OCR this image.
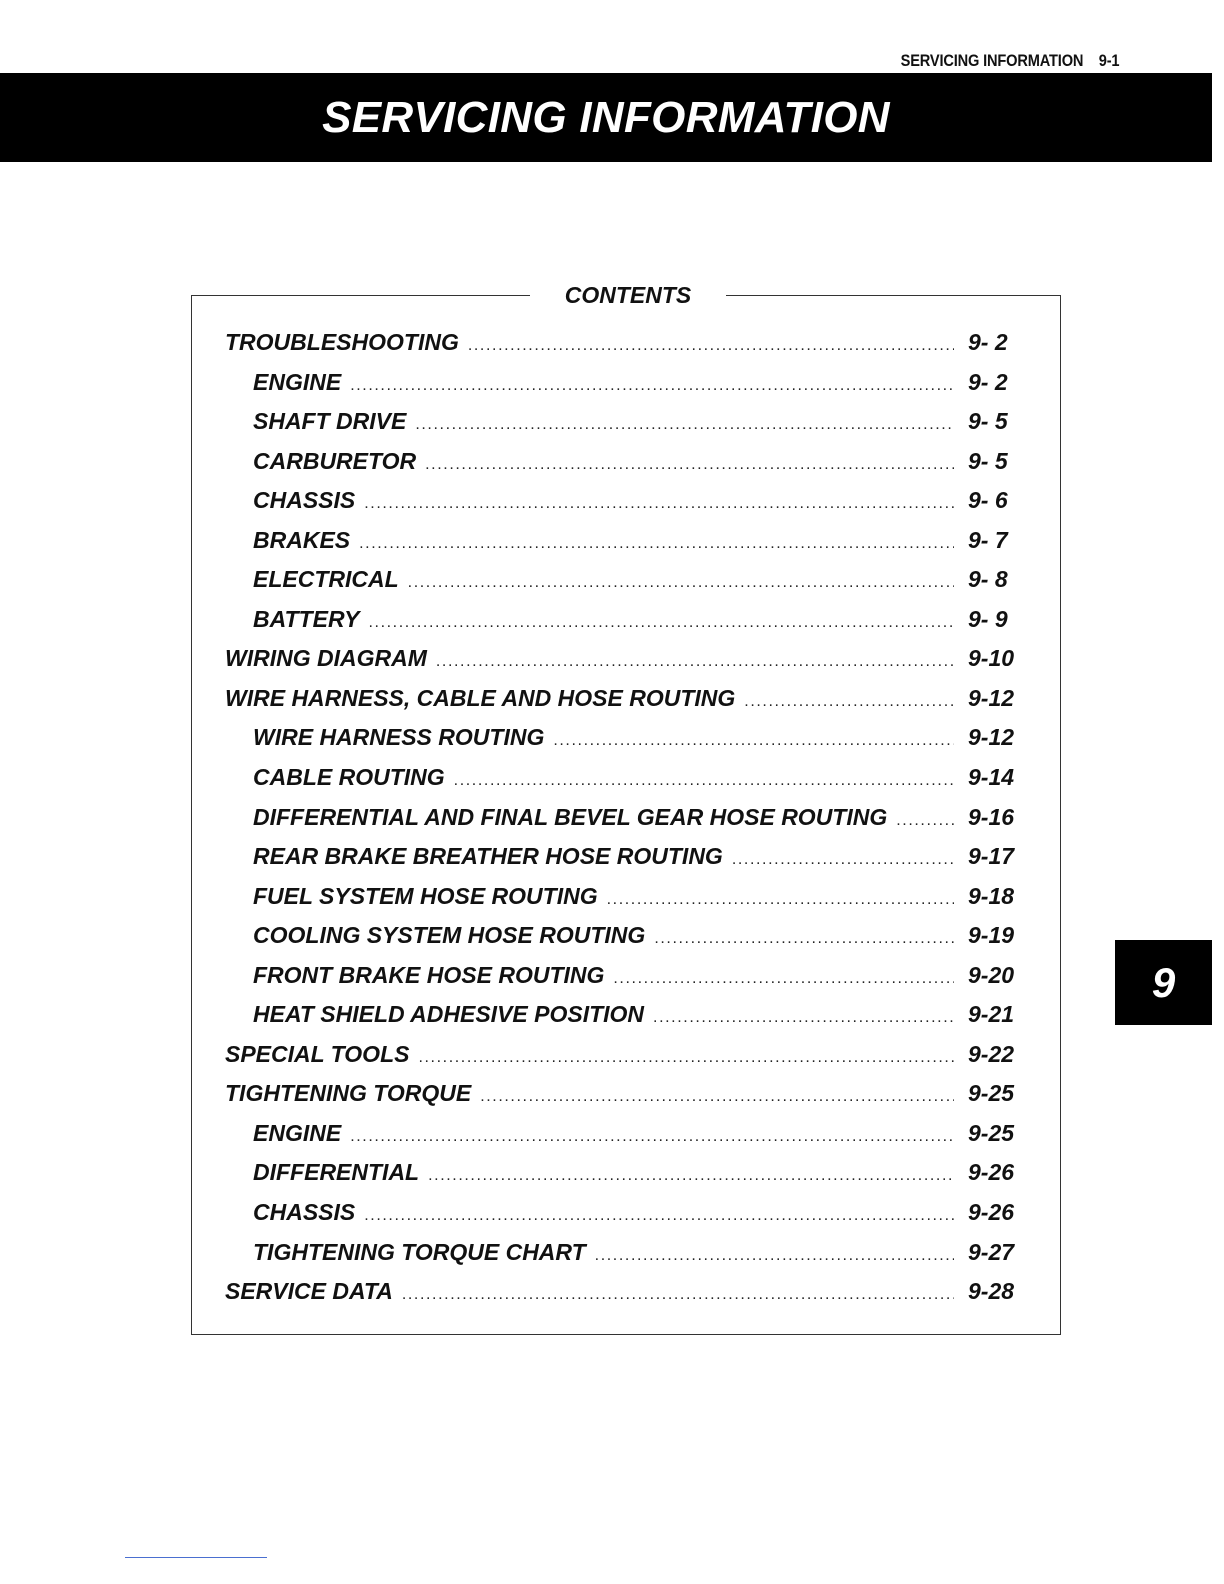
SERVICING INFORMATION 9-1
SERVICING INFORMATION
CONTENTS
TROUBLESHOOTING .....	9- 2
ENGINE .....	9- 2
SHAFT DRIVE .....	9- 5
CARBURETOR .....	9- 5
CHASSIS .....	9- 6
BRAKES .....	9- 7
ELECTRICAL .....	9- 8
BATTERY .....	9- 9
WIRING DIAGRAM .....	9-10
WIRE HARNESS, CABLE AND HOSE ROUTING .....	9-12
WIRE HARNESS ROUTING .....	9-12
CABLE ROUTING .....	9-14
DIFFERENTIAL AND FINAL BEVEL GEAR HOSE ROUTING .....	9-16
REAR BRAKE BREATHER HOSE ROUTING .....	9-17
FUEL SYSTEM HOSE ROUTING .....	9-18
COOLING SYSTEM HOSE ROUTING .....	9-19
FRONT BRAKE HOSE ROUTING .....	9-20
HEAT SHIELD ADHESIVE POSITION .....	9-21
SPECIAL TOOLS .....	9-22
TIGHTENING TORQUE .....	9-25
ENGINE .....	9-25
DIFFERENTIAL .....	9-26
CHASSIS .....	9-26
TIGHTENING TORQUE CHART .....	9-27
SERVICE DATA .....	9-28
9
